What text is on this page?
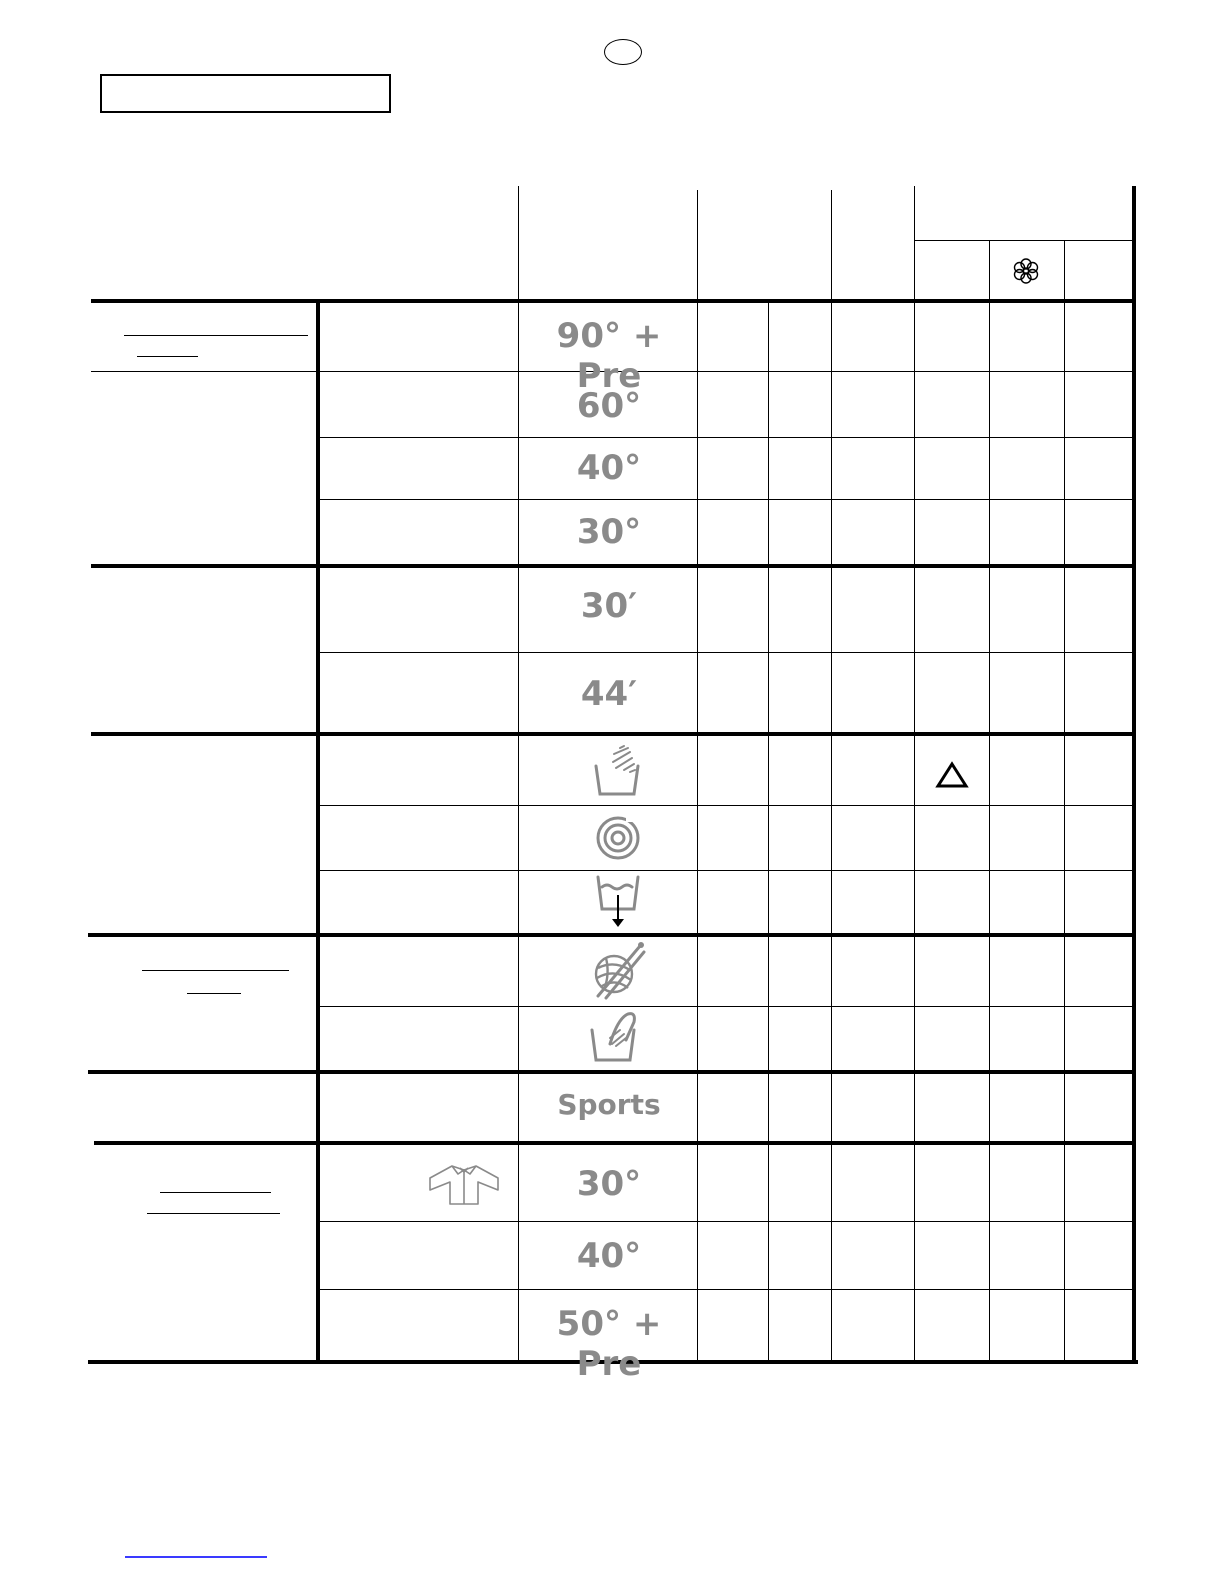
90° + Pre
60°
40°
30°
30′
44′
Sports
30°
40°
50° + Pre
